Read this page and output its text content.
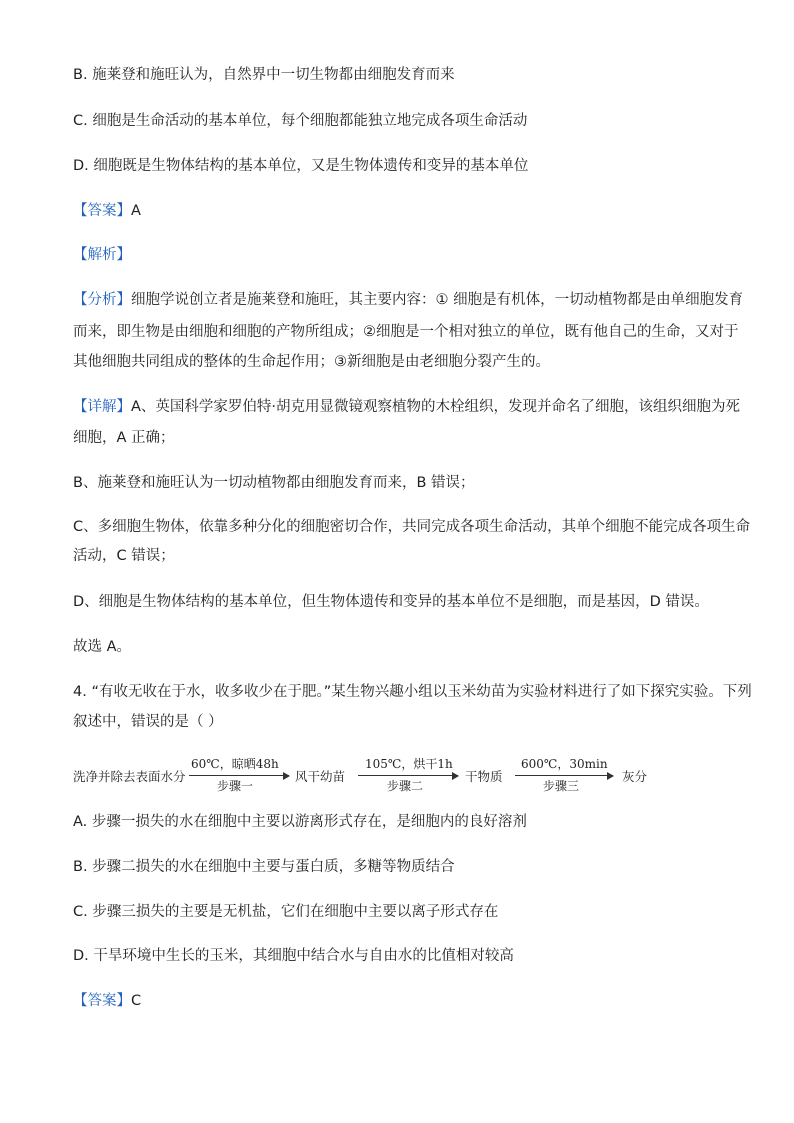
B. 施莱登和施旺认为，自然界中一切生物都由细胞发育而来
C. 细胞是生命活动的基本单位，每个细胞都能独立地完成各项生命活动
D. 细胞既是生物体结构的基本单位，又是生物体遗传和变异的基本单位
【答案】A
【解析】
【分析】细胞学说创立者是施莱登和施旺，其主要内容：① 细胞是有机体，一切动植物都是由单细胞发育
而来，即生物是由细胞和细胞的产物所组成；②细胞是一个相对独立的单位，既有他自己的生命，又对于
其他细胞共同组成的整体的生命起作用；③新细胞是由老细胞分裂产生的。
【详解】A、英国科学家罗伯特·胡克用显微镜观察植物的木栓组织，发现并命名了细胞，该组织细胞为死
细胞，A 正确；
B、施莱登和施旺认为一切动植物都由细胞发育而来，B 错误；
C、多细胞生物体，依靠多种分化的细胞密切合作，共同完成各项生命活动，其单个细胞不能完成各项生命
活动，C 错误；
D、细胞是生物体结构的基本单位，但生物体遗传和变异的基本单位不是细胞，而是基因，D 错误。
故选 A。
4. “有收无收在于水，收多收少在于肥。”某生物兴趣小组以玉米幼苗为实验材料进行了如下探究实验。下列
叙述中，错误的是（ ）
洗净并除去表面水分
60℃，晾晒48h
步骤一
风干幼苗
105℃，烘干1h
步骤二
干物质
600℃，30min
步骤三
灰分
A. 步骤一损失的水在细胞中主要以游离形式存在，是细胞内的良好溶剂
B. 步骤二损失的水在细胞中主要与蛋白质，多糖等物质结合
C. 步骤三损失的主要是无机盐，它们在细胞中主要以离子形式存在
D. 干旱环境中生长的玉米，其细胞中结合水与自由水的比值相对较高
【答案】C
